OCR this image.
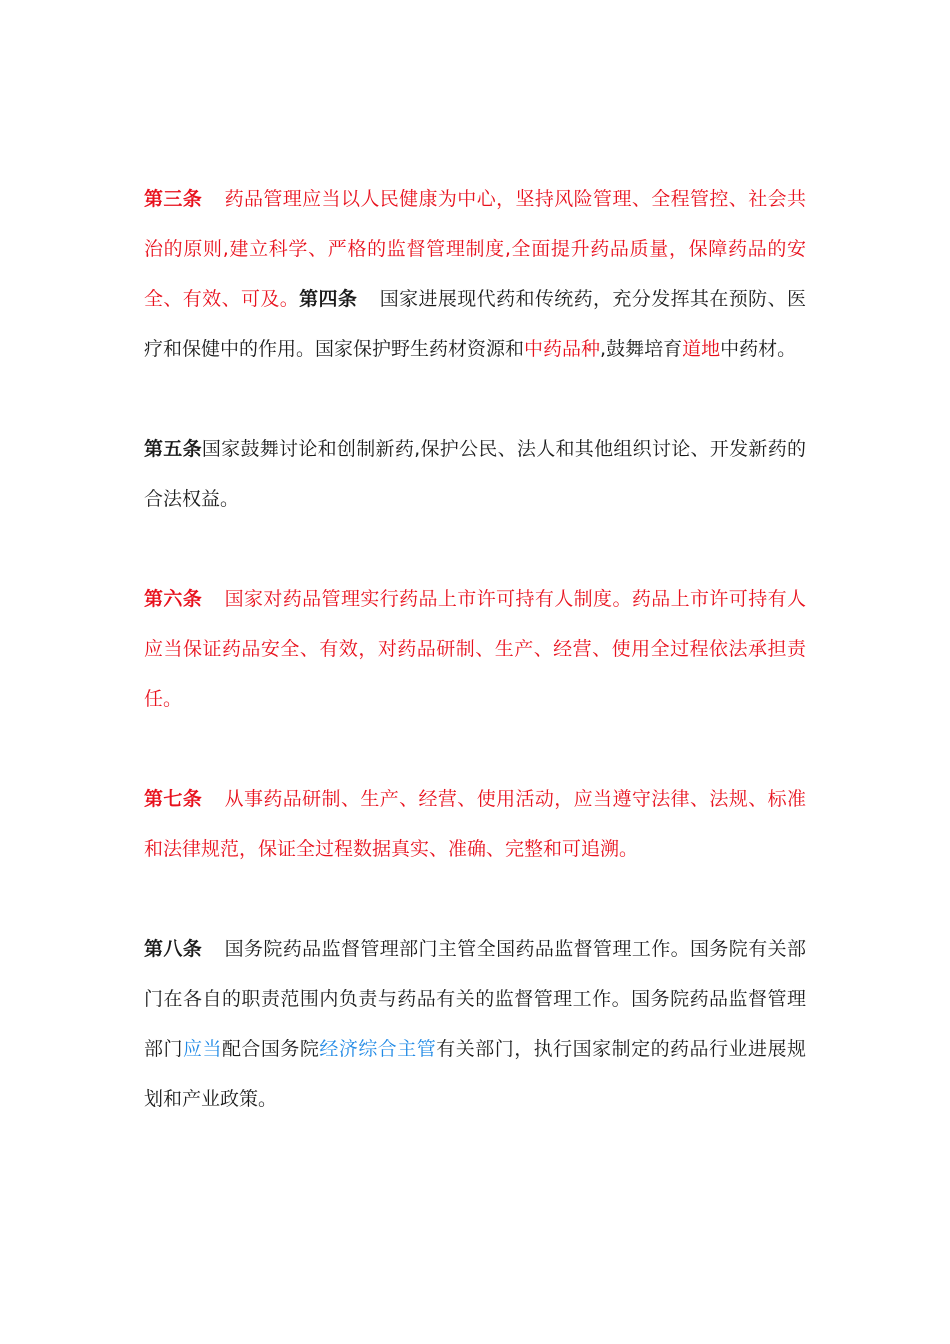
第三条 药品管理应当以人民健康为中心，坚持风险管理、全程管控、社会共治的原则,建立科学、严格的监督管理制度,全面提升药品质量，保障药品的安全、有效、可及。第四条 国家进展现代药和传统药，充分发挥其在预防、医疗和保健中的作用。国家保护野生药材资源和中药品种,鼓舞培育道地中药材。

第五条国家鼓舞讨论和创制新药,保护公民、法人和其他组织讨论、开发新药的合法权益。

第六条 国家对药品管理实行药品上市许可持有人制度。药品上市许可持有人应当保证药品安全、有效，对药品研制、生产、经营、使用全过程依法承担责任。

第七条 从事药品研制、生产、经营、使用活动，应当遵守法律、法规、标准和法律规范，保证全过程数据真实、准确、完整和可追溯。

第八条 国务院药品监督管理部门主管全国药品监督管理工作。国务院有关部门在各自的职责范围内负责与药品有关的监督管理工作。国务院药品监督管理部门应当配合国务院经济综合主管有关部门，执行国家制定的药品行业进展规划和产业政策。
